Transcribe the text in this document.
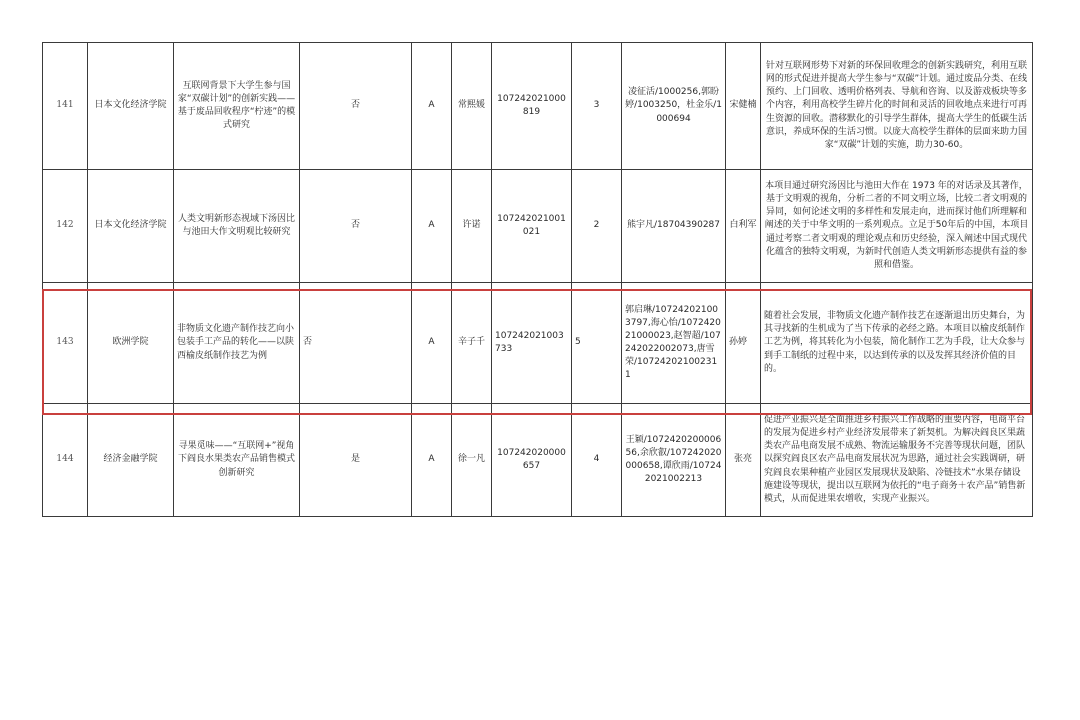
141	日本文化经济学院	互联网背景下大学生参与国家“双碳计划”的创新实践——基于废品回收程序“柠迹”的模式研究	否	A	常熙媛	107242021000819	3	凌征活/1000256,郭盼婷/1003250，杜金乐/1000694	宋健楠	针对互联网形势下对新的环保回收理念的创新实践研究，利用互联网的形式促进并提高大学生参与“双碳”计划。通过废品分类、在线预约、上门回收、透明价格列表、导航和咨询、以及游戏板块等多个内容，利用高校学生碎片化的时间和灵活的回收地点来进行可再生资源的回收。潜移默化的引导学生群体，提高大学生的低碳生活意识，养成环保的生活习惯。以庞大高校学生群体的层面来助力国家“双碳”计划的实施，助力30-60。

142	日本文化经济学院	人类文明新形态视域下汤因比与池田大作文明观比较研究	否	A	许诺	107242021001021	2	熊宇凡/18704390287	白利军	本项目通过研究汤因比与池田大作在 1973 年的对话录及其著作，基于文明观的视角，分析二者的不同文明立场，比较二者文明观的异同，如何论述文明的多样性和发展走向，进而探讨他们所理解和阐述的关于中华文明的一系列观点。立足于50年后的中国，本项目通过考察二者文明观的理论观点和历史经验，深入阐述中国式现代化蕴含的独特文明观，为新时代创造人类文明新形态提供有益的参照和借鉴。

143	欧洲学院	非物质文化遗产制作技艺向小包装手工产品的转化——以陕西榆皮纸制作技艺为例	否	A	辛子千	107242021003733	5	郭启琳/107242021003797,海心怡/107242021000023,赵智超/107242022002073,唐雪荣/107242021002311	孙婷	随着社会发展，非物质文化遗产制作技艺在逐渐退出历史舞台，为其寻找新的生机成为了当下传承的必经之路。本项目以榆皮纸制作工艺为例，将其转化为小包装，简化制作工艺为手段，让大众参与到手工制纸的过程中来，以达到传承的以及发挥其经济价值的目的。

144	经济金融学院	寻果觅味——“互联网+”视角下阎良水果类农产品销售模式创新研究	是	A	徐一凡	107242020000657	4	王颖/107242020000656,余欣叡/107242020000658,谭欣雨/107242021002213	张亮	促进产业振兴是全面推进乡村振兴工作战略的重要内容，电商平台的发展为促进乡村产业经济发展带来了新契机。为解决阎良区果蔬类农产品电商发展不成熟、物流运输服务不完善等现状问题，团队以探究阎良区农产品电商发展状况为思路，通过社会实践调研，研究阎良农果种植产业园区发展现状及缺陷、冷链技术”水果存储设施建设等现状，提出以互联网为依托的“电子商务＋农产品”销售新模式，从而促进果农增收，实现产业振兴。
